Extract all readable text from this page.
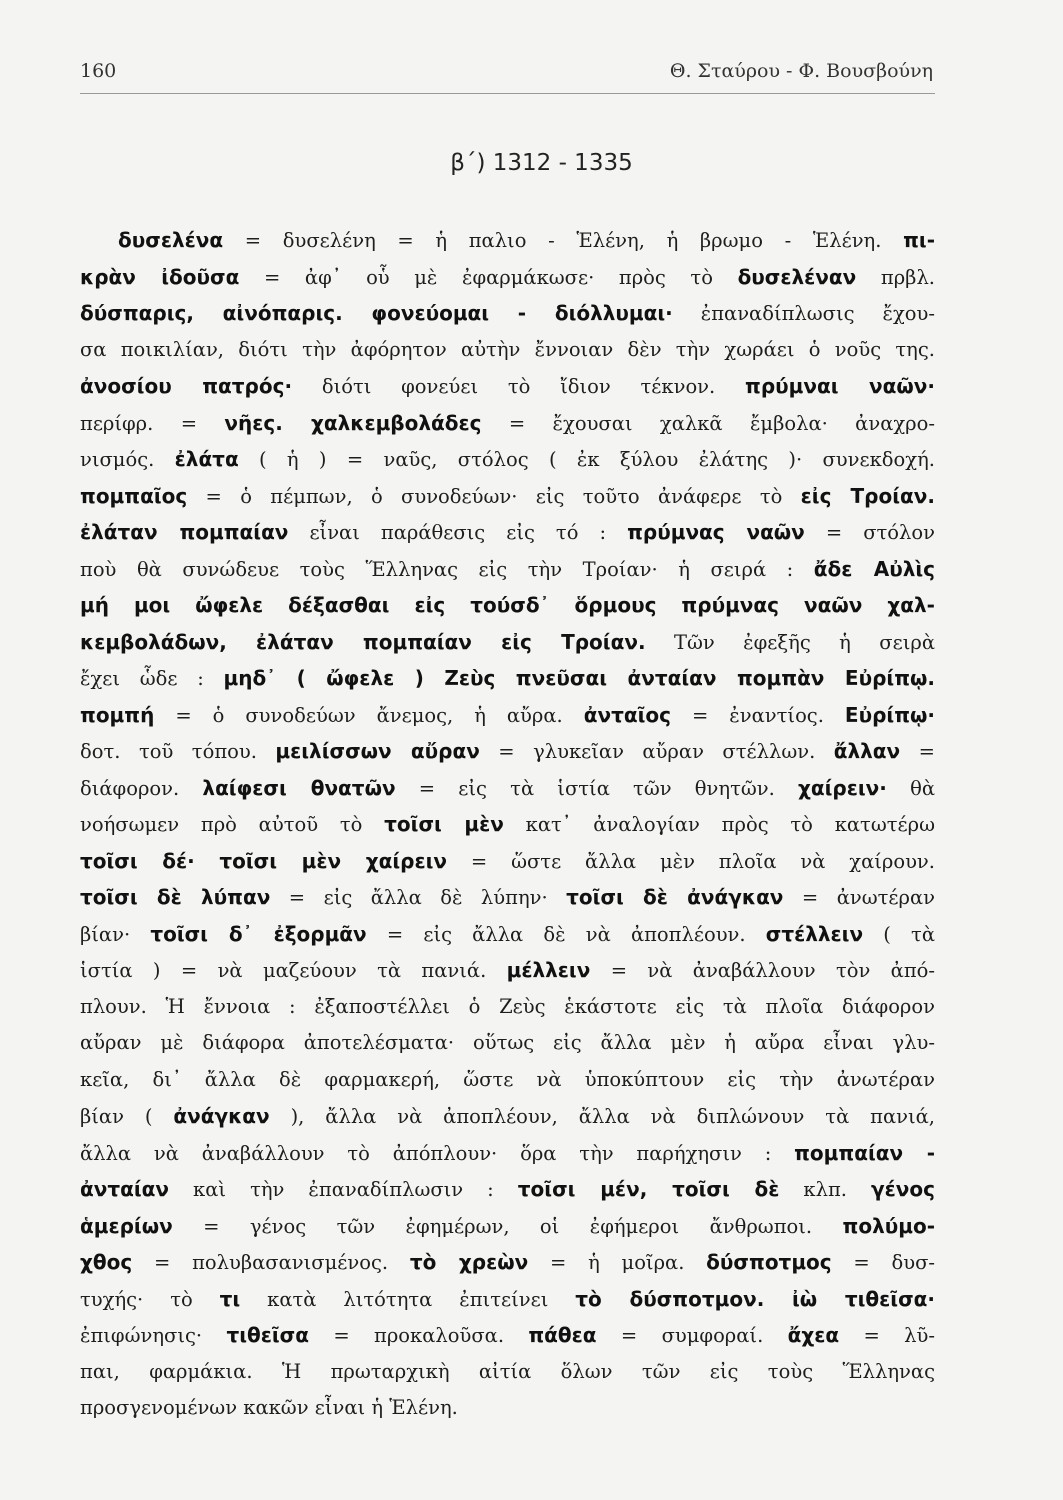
160	Θ. Σταύρου - Φ. Βουσβούνη
β΄) 1312 - 1335
δυσελένα = δυσελένη = ἡ παλιο - Ἑλένη, ἡ βρωμο - Ἑλένη. πι-
κρὰν ἰδοῦσα = ἀφ᾽ οὗ μὲ ἐφαρμάκωσε· πρὸς τὸ δυσελέναν πρβλ.
δύσπαρις, αἰνόπαρις. φονεύομαι - διόλλυμαι· ἐπαναδίπλωσις ἔχου-
σα ποικιλίαν, διότι τὴν ἀφόρητον αὐτὴν ἔννοιαν δὲν τὴν χωράει ὁ νοῦς της.
ἀνοσίου πατρός· διότι φονεύει τὸ ἴδιον τέκνον. πρύμναι ναῶν·
περίφρ. = νῆες. χαλκεμβολάδες = ἔχουσαι χαλκᾶ ἔμβολα· ἀναχρο-
νισμός. ἐλάτα ( ἡ ) = ναῦς, στόλος ( ἐκ ξύλου ἐλάτης )· συνεκδοχή.
πομπαῖος = ὁ πέμπων, ὁ συνοδεύων· εἰς τοῦτο ἀνάφερε τὸ εἰς Τροίαν.
ἐλάταν πομπαίαν εἶναι παράθεσις εἰς τό : πρύμνας ναῶν = στόλον
ποὺ θὰ συνώδευε τοὺς Ἕλληνας εἰς τὴν Τροίαν· ἡ σειρά : ἄδε Αὐλὶς
μή μοι ὤφελε δέξασθαι εἰς τούσδ᾽ ὅρμους πρύμνας ναῶν χαλ-
κεμβολάδων, ἐλάταν πομπαίαν εἰς Τροίαν. Τῶν ἐφεξῆς ἡ σειρὰ
ἔχει ὧδε : μηδ᾽ ( ὤφελε ) Ζεὺς πνεῦσαι ἀνταίαν πομπὰν Εὐρίπῳ.
πομπή = ὁ συνοδεύων ἄνεμος, ἡ αὔρα. ἀνταῖος = ἐναντίος. Εὐρίπῳ·
δοτ. τοῦ τόπου. μειλίσσων αὔραν = γλυκεῖαν αὔραν στέλλων. ἄλλαν =
διάφορον. λαίφεσι θνατῶν = εἰς τὰ ἱστία τῶν θνητῶν. χαίρειν· θὰ
νοήσωμεν πρὸ αὐτοῦ τὸ τοῖσι μὲν κατ᾽ ἀναλογίαν πρὸς τὸ κατωτέρω
τοῖσι δέ· τοῖσι μὲν χαίρειν = ὥστε ἄλλα μὲν πλοῖα νὰ χαίρουν.
τοῖσι δὲ λύπαν = εἰς ἄλλα δὲ λύπην· τοῖσι δὲ ἀνάγκαν = ἀνωτέραν
βίαν· τοῖσι δ᾽ ἐξορμᾶν = εἰς ἄλλα δὲ νὰ ἀποπλέουν. στέλλειν ( τὰ
ἱστία ) = νὰ μαζεύουν τὰ πανιά. μέλλειν = νὰ ἀναβάλλουν τὸν ἀπό-
πλουν. Ἡ ἔννοια : ἐξαποστέλλει ὁ Ζεὺς ἑκάστοτε εἰς τὰ πλοῖα διάφορον
αὔραν μὲ διάφορα ἀποτελέσματα· οὕτως εἰς ἄλλα μὲν ἡ αὔρα εἶναι γλυ-
κεῖα, δι᾽ ἄλλα δὲ φαρμακερή, ὥστε νὰ ὑποκύπτουν εἰς τὴν ἀνωτέραν
βίαν ( ἀνάγκαν ), ἄλλα νὰ ἀποπλέουν, ἄλλα νὰ διπλώνουν τὰ πανιά,
ἄλλα νὰ ἀναβάλλουν τὸ ἀπόπλουν· ὅρα τὴν παρήχησιν : πομπαίαν -
ἀνταίαν καὶ τὴν ἐπαναδίπλωσιν : τοῖσι μέν, τοῖσι δὲ κλπ. γένος
ἁμερίων = γένος τῶν ἐφημέρων, οἱ ἐφήμεροι ἄνθρωποι. πολύμο-
χθος = πολυβασανισμένος. τὸ χρεὼν = ἡ μοῖρα. δύσποτμος = δυσ-
τυχής· τὸ τι κατὰ λιτότητα ἐπιτείνει τὸ δύσποτμον. ἰὼ τιθεῖσα·
ἐπιφώνησις· τιθεῖσα = προκαλοῦσα. πάθεα = συμφοραί. ἄχεα = λῦ-
παι, φαρμάκια. Ἡ πρωταρχικὴ αἰτία ὅλων τῶν εἰς τοὺς Ἕλληνας
προσγενομένων κακῶν εἶναι ἡ Ἑλένη.
